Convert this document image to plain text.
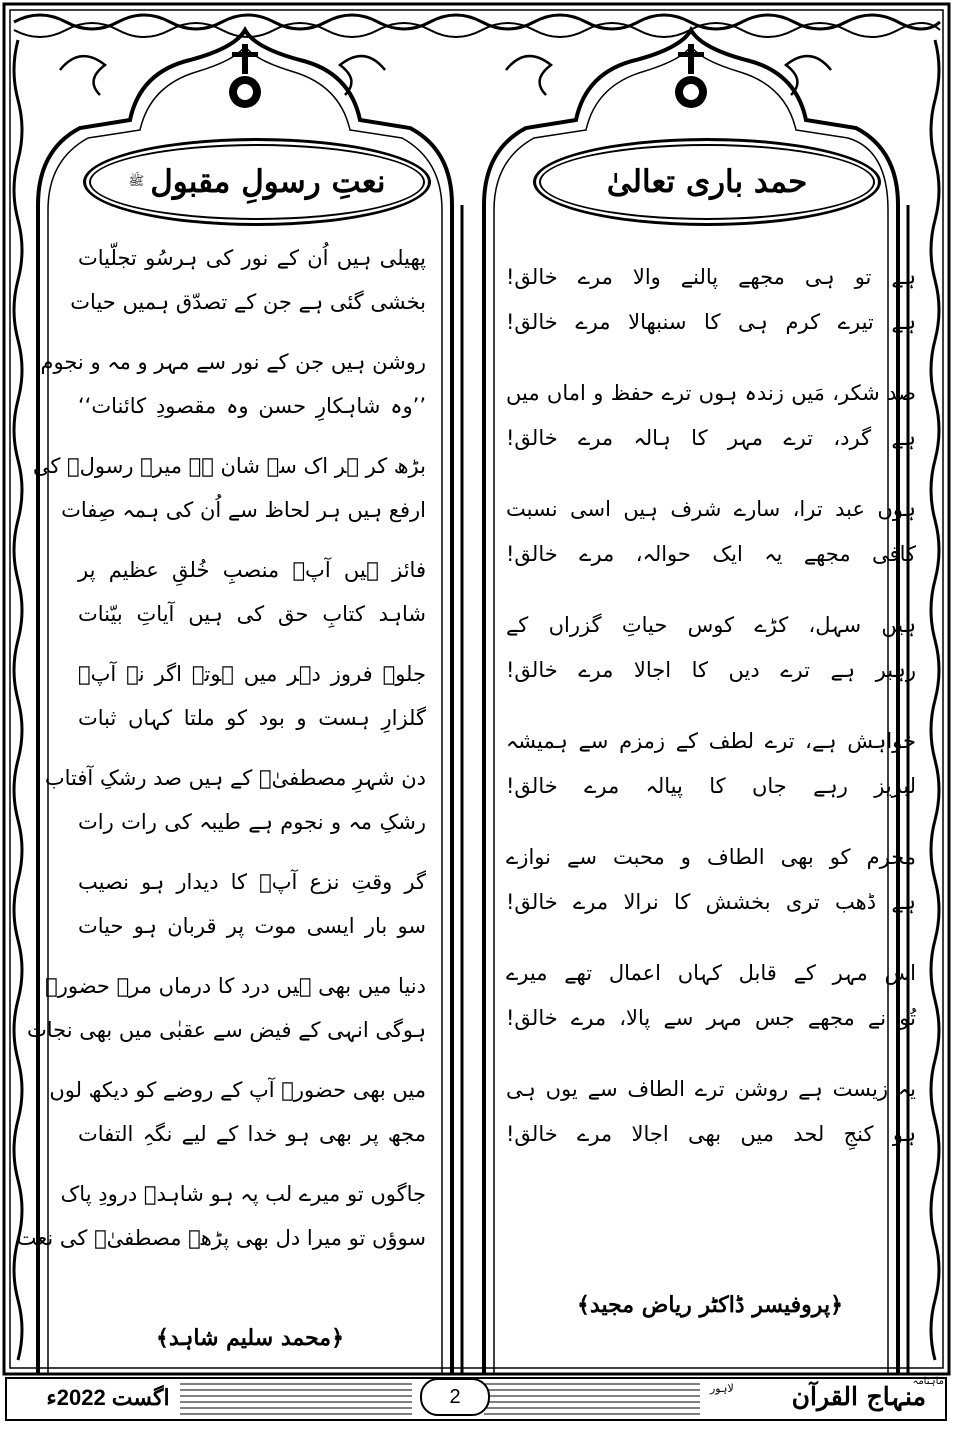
حمد باری تعالیٰ
نعتِ رسولِ مقبول
ﷺ
ہے تو ہی مجھے پالنے والا مرے خالق!
ہے تیرے کرم ہی کا سنبھالا مرے خالق!
صد شکر، مَیں زندہ ہوں ترے حفظ و اماں میں
ہے گرد، ترے مہر کا ہالہ مرے خالق!
ہوں عبد ترا، سارے شرف ہیں اسی نسبت
کافی مجھے یہ ایک حوالہ، مرے خالق!
ہیں سہل، کڑے کوس حیاتِ گزراں کے
رہبر ہے ترے دیں کا اجالا مرے خالق!
خواہش ہے، ترے لطف کے زمزم سے ہمیشہ
لبریز رہے جاں کا پیالہ مرے خالق!
مجرم کو بھی الطاف و محبت سے نوازے
ہے ڈھب تری بخشش کا نرالا مرے خالق!
اس مہر کے قابل کہاں اعمال تھے میرے
تُو نے مجھے جس مہر سے پالا، مرے خالق!
یہ زیست ہے روشن ترے الطاف سے یوں ہی
ہو کنجِ لحد میں بھی اجالا مرے خالق!
﴿پروفیسر ڈاکٹر ریاض مجید﴾
پھیلی ہیں اُن کے نور کی ہرسُو تجلّیات
بخشی گئی ہے جن کے تصدّق ہمیں حیات
روشن ہیں جن کے نور سے مہر و مہ و نجوم
’’وہ شاہکارِ حسن وہ مقصودِ کائنات‘‘
بڑھ کر ہر اک سے شان ہے میرے رسولؐ کی
ارفع ہیں ہر لحاظ سے اُن کی ہمہ صِفات
فائز ہیں آپؐ منصبِ خُلقِ عظیم پر
شاہد کتابِ حق کی ہیں آیاتِ بیّنات
جلوہ فروز دہر میں ہوتے اگر نہ آپؐ
گلزارِ ہست و بود کو ملتا کہاں ثبات
دن شہرِ مصطفیٰؐ کے ہیں صد رشکِ آفتاب
رشکِ مہ و نجوم ہے طیبہ کی رات رات
گر وقتِ نزع آپؐ کا دیدار ہو نصیب
سو بار ایسی موت پر قربان ہو حیات
دنیا میں بھی ہیں درد کا درماں مرے حضورؐ
ہوگی انہی کے فیض سے عقبٰی میں بھی نجات
میں بھی حضورؐ آپ کے روضے کو دیکھ لوں
مجھ پر بھی ہو خدا کے لیے نگہِ التفات
جاگوں تو میرے لب پہ ہو شاہدؔ درودِ پاک
سوؤں تو میرا دل بھی پڑھے مصطفیٰؐ کی نعت
﴿محمد سلیم شاہد﴾
اگست 2022ء	2
ماہنامہ
منہاج القرآن
لاہور
